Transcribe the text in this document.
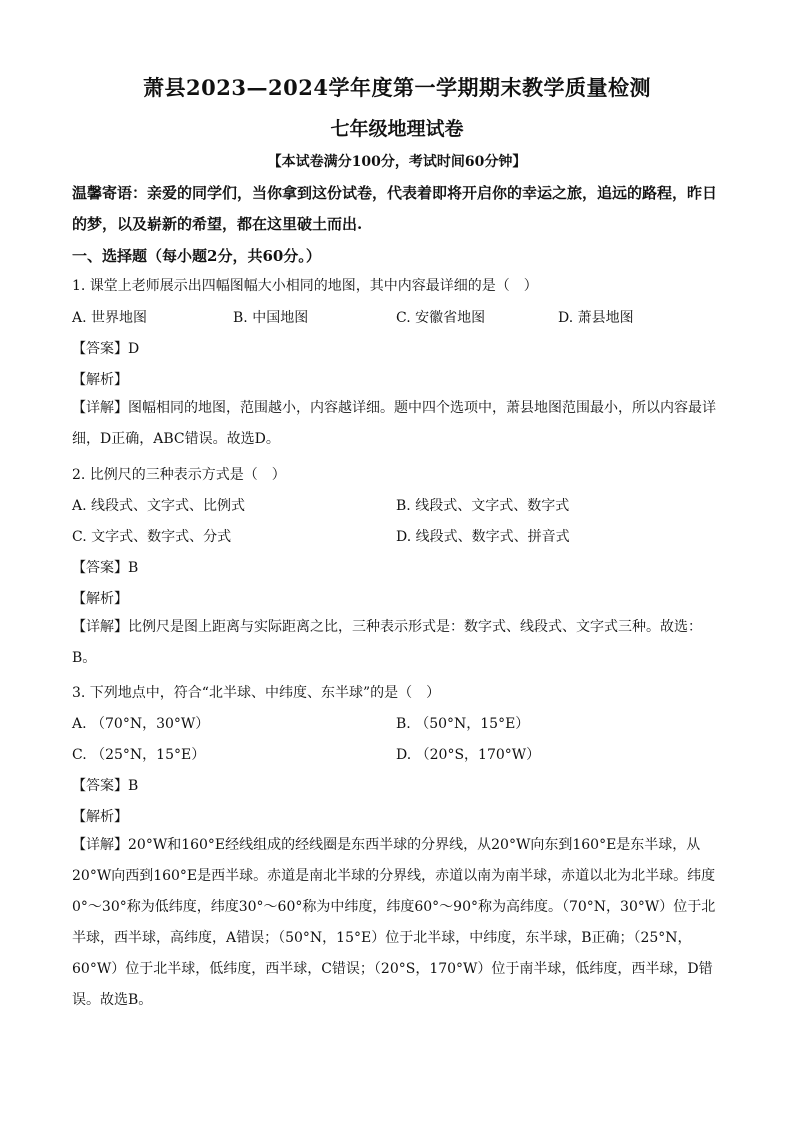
萧县2023—2024学年度第一学期期末教学质量检测
七年级地理试卷
【本试卷满分100分，考试时间60分钟】
温馨寄语：亲爱的同学们，当你拿到这份试卷，代表着即将开启你的幸运之旅，追远的路程，昨日的梦，以及崭新的希望，都在这里破土而出.
一、选择题（每小题2分，共60分。）
1. 课堂上老师展示出四幅图幅大小相同的地图，其中内容最详细的是（　）
A. 世界地图	B. 中国地图	C. 安徽省地图	D. 萧县地图
【答案】D
【解析】
【详解】图幅相同的地图，范围越小，内容越详细。题中四个选项中，萧县地图范围最小，所以内容最详细，D正确，ABC错误。故选D。
2. 比例尺的三种表示方式是（　）
A. 线段式、文字式、比例式	B. 线段式、文字式、数字式
C. 文字式、数字式、分式	D. 线段式、数字式、拼音式
【答案】B
【解析】
【详解】比例尺是图上距离与实际距离之比，三种表示形式是：数字式、线段式、文字式三种。故选：B。
3. 下列地点中，符合“北半球、中纬度、东半球”的是（　）
A. （70°N，30°W）	B. （50°N，15°E）
C. （25°N，15°E）	D. （20°S，170°W）
【答案】B
【解析】
【详解】20°W和160°E经线组成的经线圈是东西半球的分界线，从20°W向东到160°E是东半球，从20°W向西到160°E是西半球。赤道是南北半球的分界线，赤道以南为南半球，赤道以北为北半球。纬度0°～30°称为低纬度，纬度30°～60°称为中纬度，纬度60°～90°称为高纬度。（70°N，30°W）位于北半球，西半球，高纬度，A错误；（50°N，15°E）位于北半球，中纬度，东半球，B正确；（25°N，60°W）位于北半球，低纬度，西半球，C错误；（20°S，170°W）位于南半球，低纬度，西半球，D错误。故选B。
